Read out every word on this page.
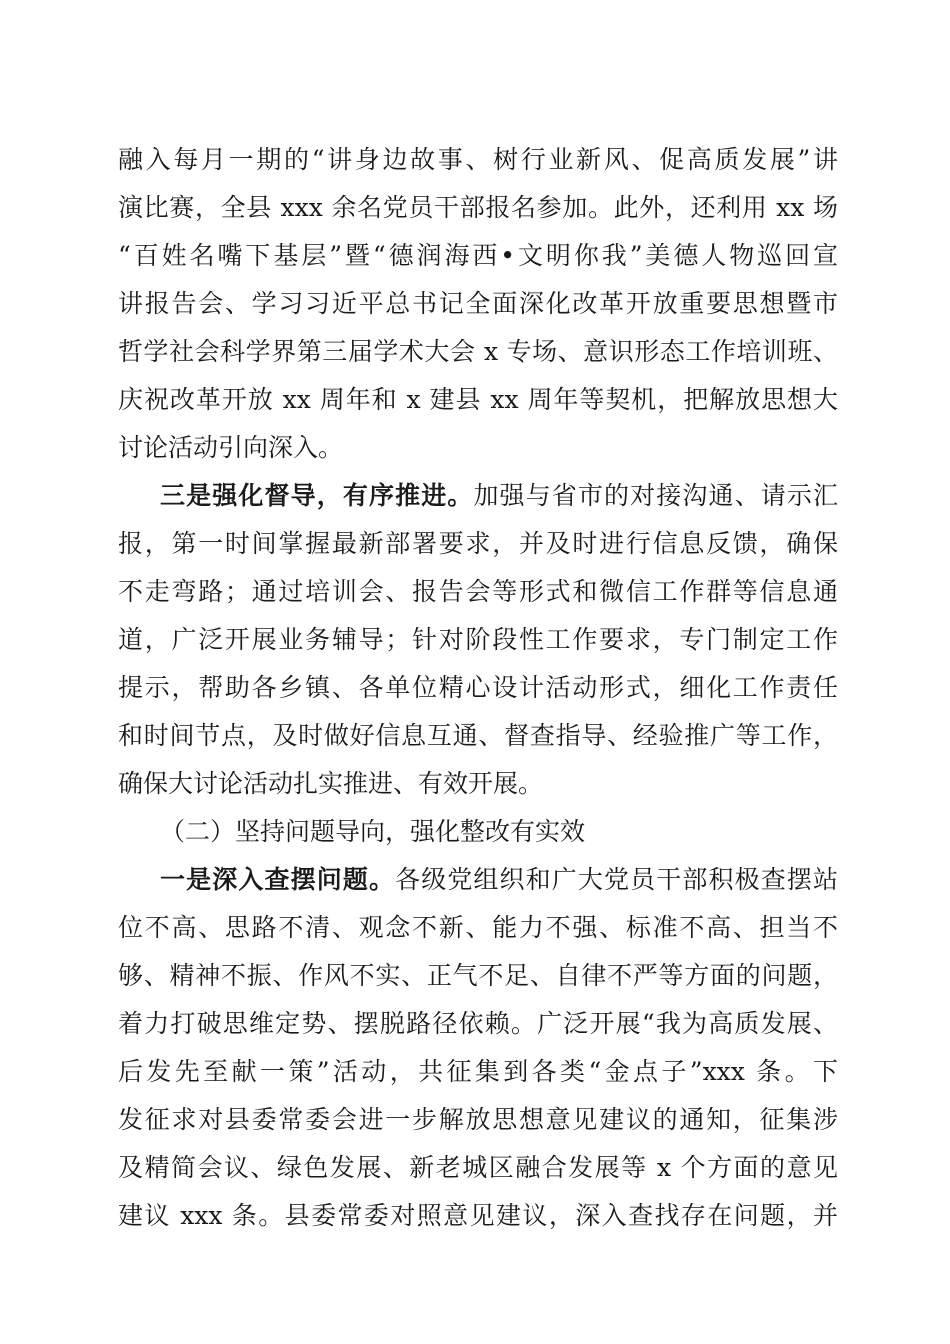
融入每月一期的“讲身边故事、树行业新风、促高质发展”讲
演比赛，全县 xxx 余名党员干部报名参加。此外，还利用 xx 场
“百姓名嘴下基层”暨“德润海西•文明你我”美德人物巡回宣
讲报告会、学习习近平总书记全面深化改革开放重要思想暨市
哲学社会科学界第三届学术大会 x 专场、意识形态工作培训班、
庆祝改革开放 xx 周年和 x 建县 xx 周年等契机，把解放思想大
讨论活动引向深入。
三是强化督导，有序推进。加强与省市的对接沟通、请示汇
报，第一时间掌握最新部署要求，并及时进行信息反馈，确保
不走弯路；通过培训会、报告会等形式和微信工作群等信息通
道，广泛开展业务辅导；针对阶段性工作要求，专门制定工作
提示，帮助各乡镇、各单位精心设计活动形式，细化工作责任
和时间节点，及时做好信息互通、督查指导、经验推广等工作，
确保大讨论活动扎实推进、有效开展。
（二）坚持问题导向，强化整改有实效
一是深入查摆问题。各级党组织和广大党员干部积极查摆站
位不高、思路不清、观念不新、能力不强、标准不高、担当不
够、精神不振、作风不实、正气不足、自律不严等方面的问题，
着力打破思维定势、摆脱路径依赖。广泛开展“我为高质发展、
后发先至献一策”活动，共征集到各类“金点子”xxx 条。下
发征求对县委常委会进一步解放思想意见建议的通知，征集涉
及精简会议、绿色发展、新老城区融合发展等 x 个方面的意见
建议 xxx 条。县委常委对照意见建议，深入查找存在问题，并
